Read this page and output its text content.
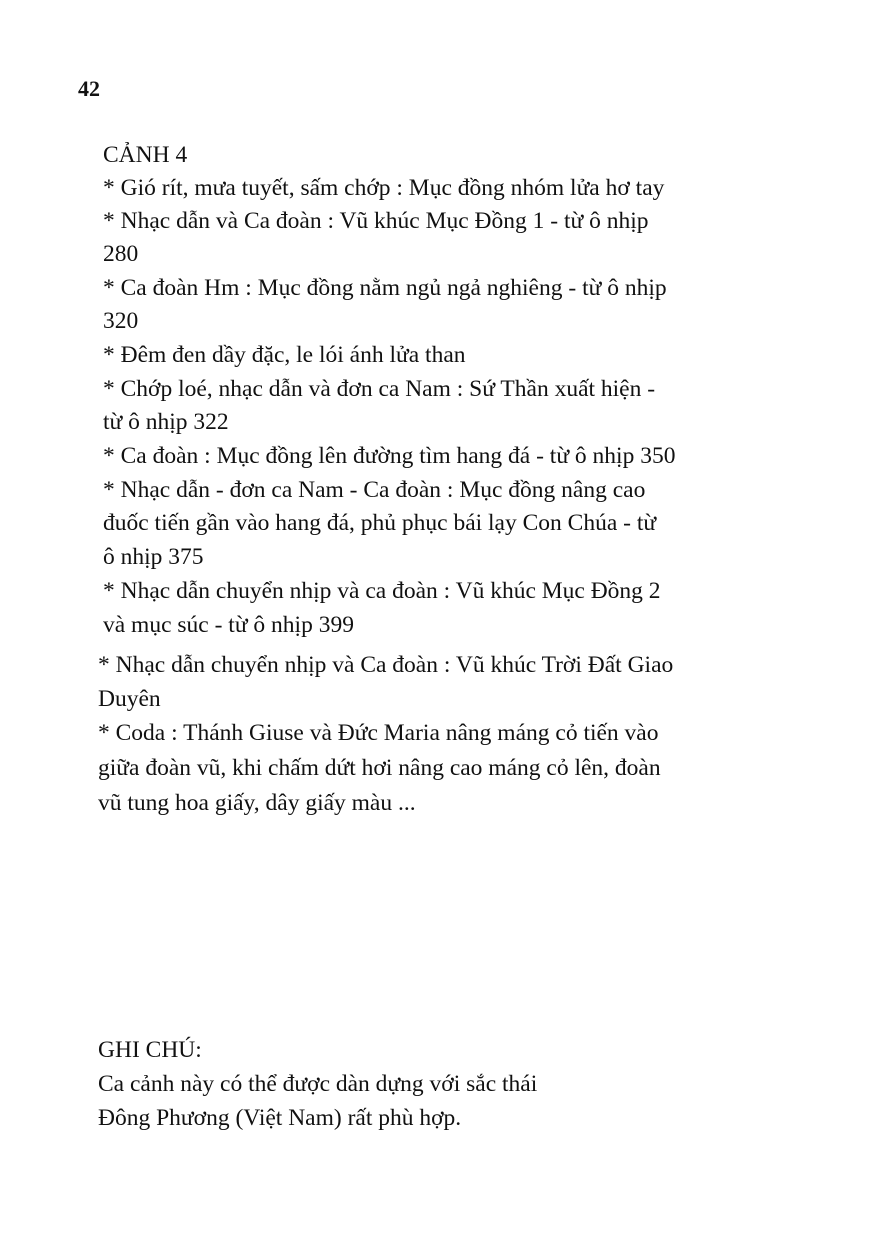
42
CẢNH 4
* Gió rít, mưa tuyết, sấm chớp : Mục đồng nhóm lửa hơ tay
* Nhạc dẫn và Ca đoàn : Vũ khúc Mục Đồng 1 - từ ô nhịp
280
* Ca đoàn Hm : Mục đồng nằm ngủ ngả nghiêng - từ ô nhịp
320
* Đêm đen dầy đặc, le lói ánh lửa than
* Chớp loé, nhạc dẫn và đơn ca Nam : Sứ Thần xuất hiện -
từ ô nhịp 322
* Ca đoàn : Mục đồng lên đường tìm hang đá - từ ô nhịp 350
* Nhạc dẫn - đơn ca Nam - Ca đoàn : Mục đồng nâng cao
đuốc tiến gần vào hang đá, phủ phục bái lạy Con Chúa - từ
ô nhịp 375
* Nhạc dẫn chuyển nhịp và ca đoàn : Vũ khúc Mục Đồng 2
và mục súc - từ ô nhịp 399
* Nhạc dẫn chuyển nhịp và Ca đoàn : Vũ khúc Trời Đất Giao
Duyên
* Coda : Thánh Giuse và Đức Maria nâng máng cỏ tiến vào
giữa đoàn vũ, khi chấm dứt hơi nâng cao máng cỏ lên, đoàn
vũ tung hoa giấy, dây giấy màu ...
GHI CHÚ:
Ca cảnh này có thể được dàn dựng với sắc thái
Đông Phương (Việt Nam) rất phù hợp.
